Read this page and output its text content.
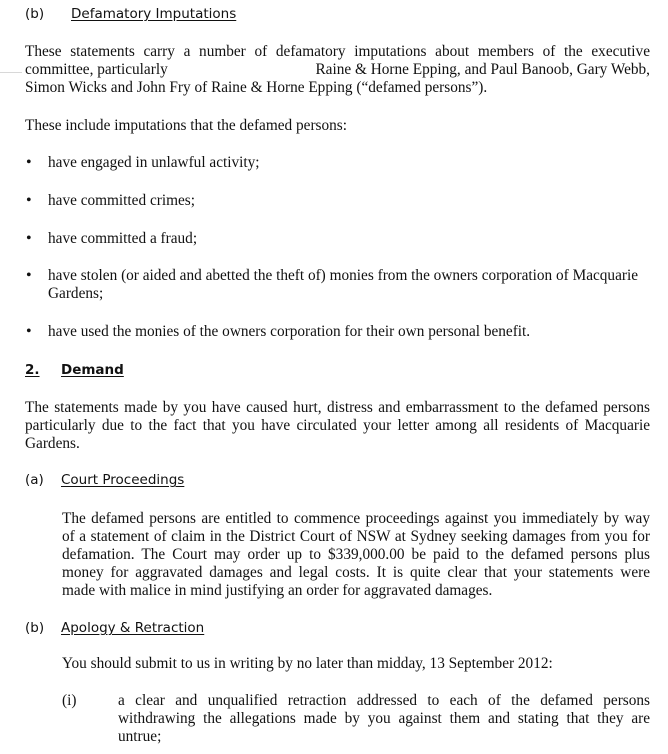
(b) Defamatory Imputations
These statements carry a number of defamatory imputations about members of the executive
committee, particularly	Raine & Horne Epping, and Paul Banoob, Gary Webb,
Simon Wicks and John Fry of Raine & Horne Epping (“defamed persons”).
These include imputations that the defamed persons:
• have engaged in unlawful activity;
• have committed crimes;
• have committed a fraud;
• have stolen (or aided and abetted the theft of) monies from the owners corporation of Macquarie
Gardens;
• have used the monies of the owners corporation for their own personal benefit.
2. Demand
The statements made by you have caused hurt, distress and embarrassment to the defamed persons
particularly due to the fact that you have circulated your letter among all residents of Macquarie
Gardens.
(a) Court Proceedings
The defamed persons are entitled to commence proceedings against you immediately by way
of a statement of claim in the District Court of NSW at Sydney seeking damages from you for
defamation. The Court may order up to $339,000.00 be paid to the defamed persons plus
money for aggravated damages and legal costs. It is quite clear that your statements were
made with malice in mind justifying an order for aggravated damages.
(b) Apology & Retraction
You should submit to us in writing by no later than midday, 13 September 2012:
(i)	a clear and unqualified retraction addressed to each of the defamed persons
withdrawing the allegations made by you against them and stating that they are
untrue;
